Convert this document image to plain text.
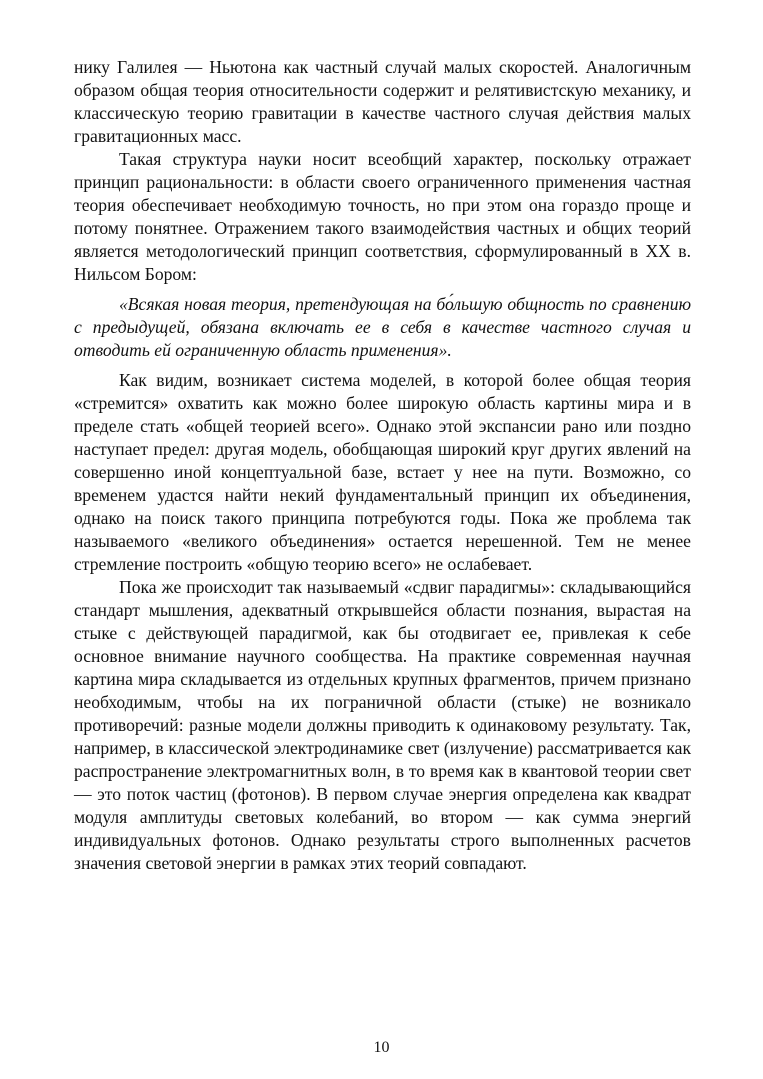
нику Галилея — Ньютона как частный случай малых скоростей. Аналогичным образом общая теория относительности содержит и релятивистскую механику, и классическую теорию гравитации в качестве частного случая действия малых гравитационных масс.

Такая структура науки носит всеобщий характер, поскольку отражает принцип рациональности: в области своего ограниченного применения частная теория обеспечивает необходимую точность, но при этом она гораздо проще и потому понятнее. Отражением такого взаимодействия частных и общих теорий является методологический принцип соответствия, сформулированный в XX в. Нильсом Бором:

«Всякая новая теория, претендующая на бо́льшую общность по сравнению с предыдущей, обязана включать ее в себя в качестве частного случая и отводить ей ограниченную область применения».

Как видим, возникает система моделей, в которой более общая теория «стремится» охватить как можно более широкую область картины мира и в пределе стать «общей теорией всего». Однако этой экспансии рано или поздно наступает предел: другая модель, обобщающая широкий круг других явлений на совершенно иной концептуальной базе, встает у нее на пути. Возможно, со временем удастся найти некий фундаментальный принцип их объединения, однако на поиск такого принципа потребуются годы. Пока же проблема так называемого «великого объединения» остается нерешенной. Тем не менее стремление построить «общую теорию всего» не ослабевает.

Пока же происходит так называемый «сдвиг парадигмы»: складывающийся стандарт мышления, адекватный открывшейся области познания, вырастая на стыке с действующей парадигмой, как бы отодвигает ее, привлекая к себе основное внимание научного сообщества. На практике современная научная картина мира складывается из отдельных крупных фрагментов, причем признано необходимым, чтобы на их пограничной области (стыке) не возникало противоречий: разные модели должны приводить к одинаковому результату. Так, например, в классической электродинамике свет (излучение) рассматривается как распространение электромагнитных волн, в то время как в квантовой теории свет — это поток частиц (фотонов). В первом случае энергия определена как квадрат модуля амплитуды световых колебаний, во втором — как сумма энергий индивидуальных фотонов. Однако результаты строго выполненных расчетов значения световой энергии в рамках этих теорий совпадают.

10
